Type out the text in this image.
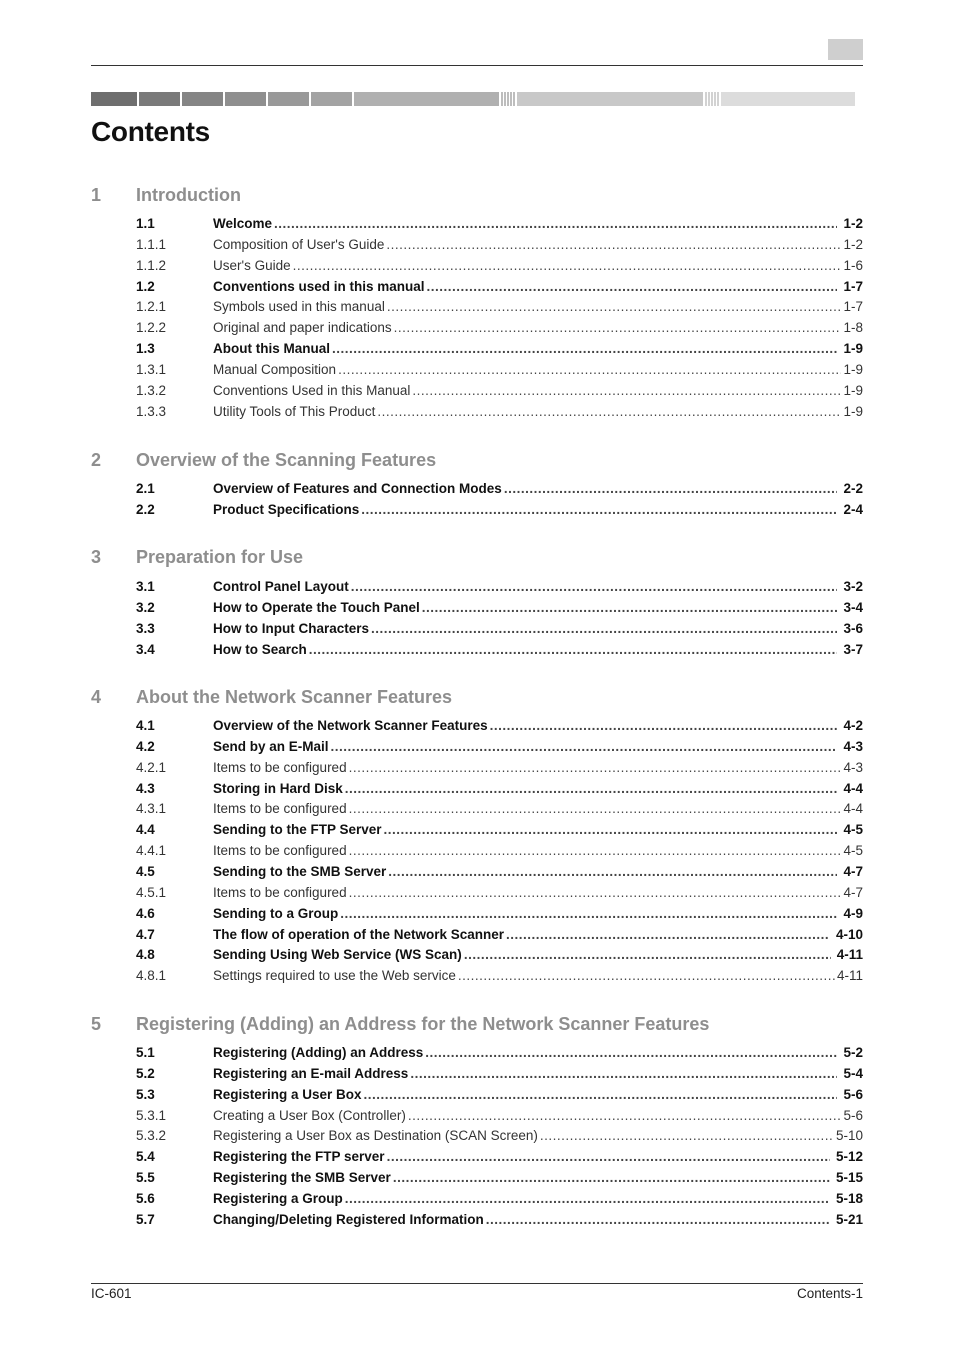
Contents
1 Introduction
1.1	Welcome .....	1-2
1.1.1	Composition of User's Guide .....	1-2
1.1.2	User's Guide .....	1-6
1.2	Conventions used in this manual .....	1-7
1.2.1	Symbols used in this manual .....	1-7
1.2.2	Original and paper indications .....	1-8
1.3	About this Manual .....	1-9
1.3.1	Manual Composition .....	1-9
1.3.2	Conventions Used in this Manual .....	1-9
1.3.3	Utility Tools of This Product .....	1-9
2 Overview of the Scanning Features
2.1	Overview of Features and Connection Modes .....	2-2
2.2	Product Specifications .....	2-4
3 Preparation for Use
3.1	Control Panel Layout .....	3-2
3.2	How to Operate the Touch Panel .....	3-4
3.3	How to Input Characters .....	3-6
3.4	How to Search .....	3-7
4 About the Network Scanner Features
4.1	Overview of the Network Scanner Features .....	4-2
4.2	Send by an E-Mail .....	4-3
4.2.1	Items to be configured .....	4-3
4.3	Storing in Hard Disk .....	4-4
4.3.1	Items to be configured .....	4-4
4.4	Sending to the FTP Server .....	4-5
4.4.1	Items to be configured .....	4-5
4.5	Sending to the SMB Server .....	4-7
4.5.1	Items to be configured .....	4-7
4.6	Sending to a Group .....	4-9
4.7	The flow of operation of the Network Scanner .....	4-10
4.8	Sending Using Web Service (WS Scan) .....	4-11
4.8.1	Settings required to use the Web service .....	4-11
5 Registering (Adding) an Address for the Network Scanner Features
5.1	Registering (Adding) an Address .....	5-2
5.2	Registering an E-mail Address .....	5-4
5.3	Registering a User Box .....	5-6
5.3.1	Creating a User Box (Controller) .....	5-6
5.3.2	Registering a User Box as Destination (SCAN Screen) .....	5-10
5.4	Registering the FTP server .....	5-12
5.5	Registering the SMB Server .....	5-15
5.6	Registering a Group .....	5-18
5.7	Changing/Deleting Registered Information .....	5-21
IC-601	Contents-1
